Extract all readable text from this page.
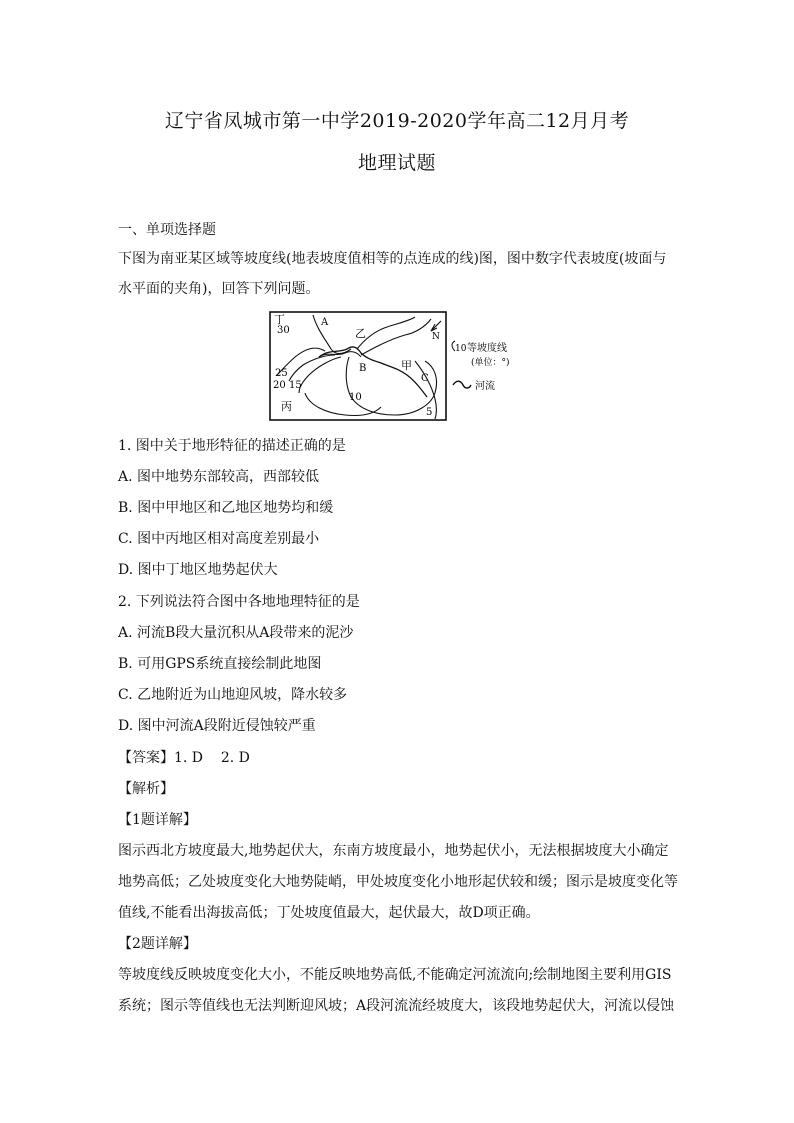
辽宁省凤城市第一中学2019-2020学年高二12月月考
地理试题
一、单项选择题
下图为南亚某区域等坡度线(地表坡度值相等的点连成的线)图，图中数字代表坡度(坡面与
水平面的夹角)，回答下列问题。
丁
30
A
乙	N
甲
B
C
25
20 15
10
5
丙
10 等坡度线
(单位：°)
河流
1. 图中关于地形特征的描述正确的是
A. 图中地势东部较高，西部较低
B. 图中甲地区和乙地区地势均和缓
C. 图中丙地区相对高度差别最小
D. 图中丁地区地势起伏大
2. 下列说法符合图中各地地理特征的是
A. 河流B段大量沉积从A段带来的泥沙
B. 可用GPS系统直接绘制此地图
C. 乙地附近为山地迎风坡，降水较多
D. 图中河流A段附近侵蚀较严重
【答案】1. D    2. D
【解析】
【1题详解】
图示西北方坡度最大,地势起伏大，东南方坡度最小，地势起伏小，无法根据坡度大小确定
地势高低；乙处坡度变化大地势陡峭，甲处坡度变化小地形起伏较和缓；图示是坡度变化等
值线,不能看出海拔高低；丁处坡度值最大，起伏最大，故D项正确。
【2题详解】
等坡度线反映坡度变化大小，不能反映地势高低,不能确定河流流向;绘制地图主要利用GIS
系统；图示等值线也无法判断迎风坡；A段河流流经坡度大，该段地势起伏大，河流以侵蚀
